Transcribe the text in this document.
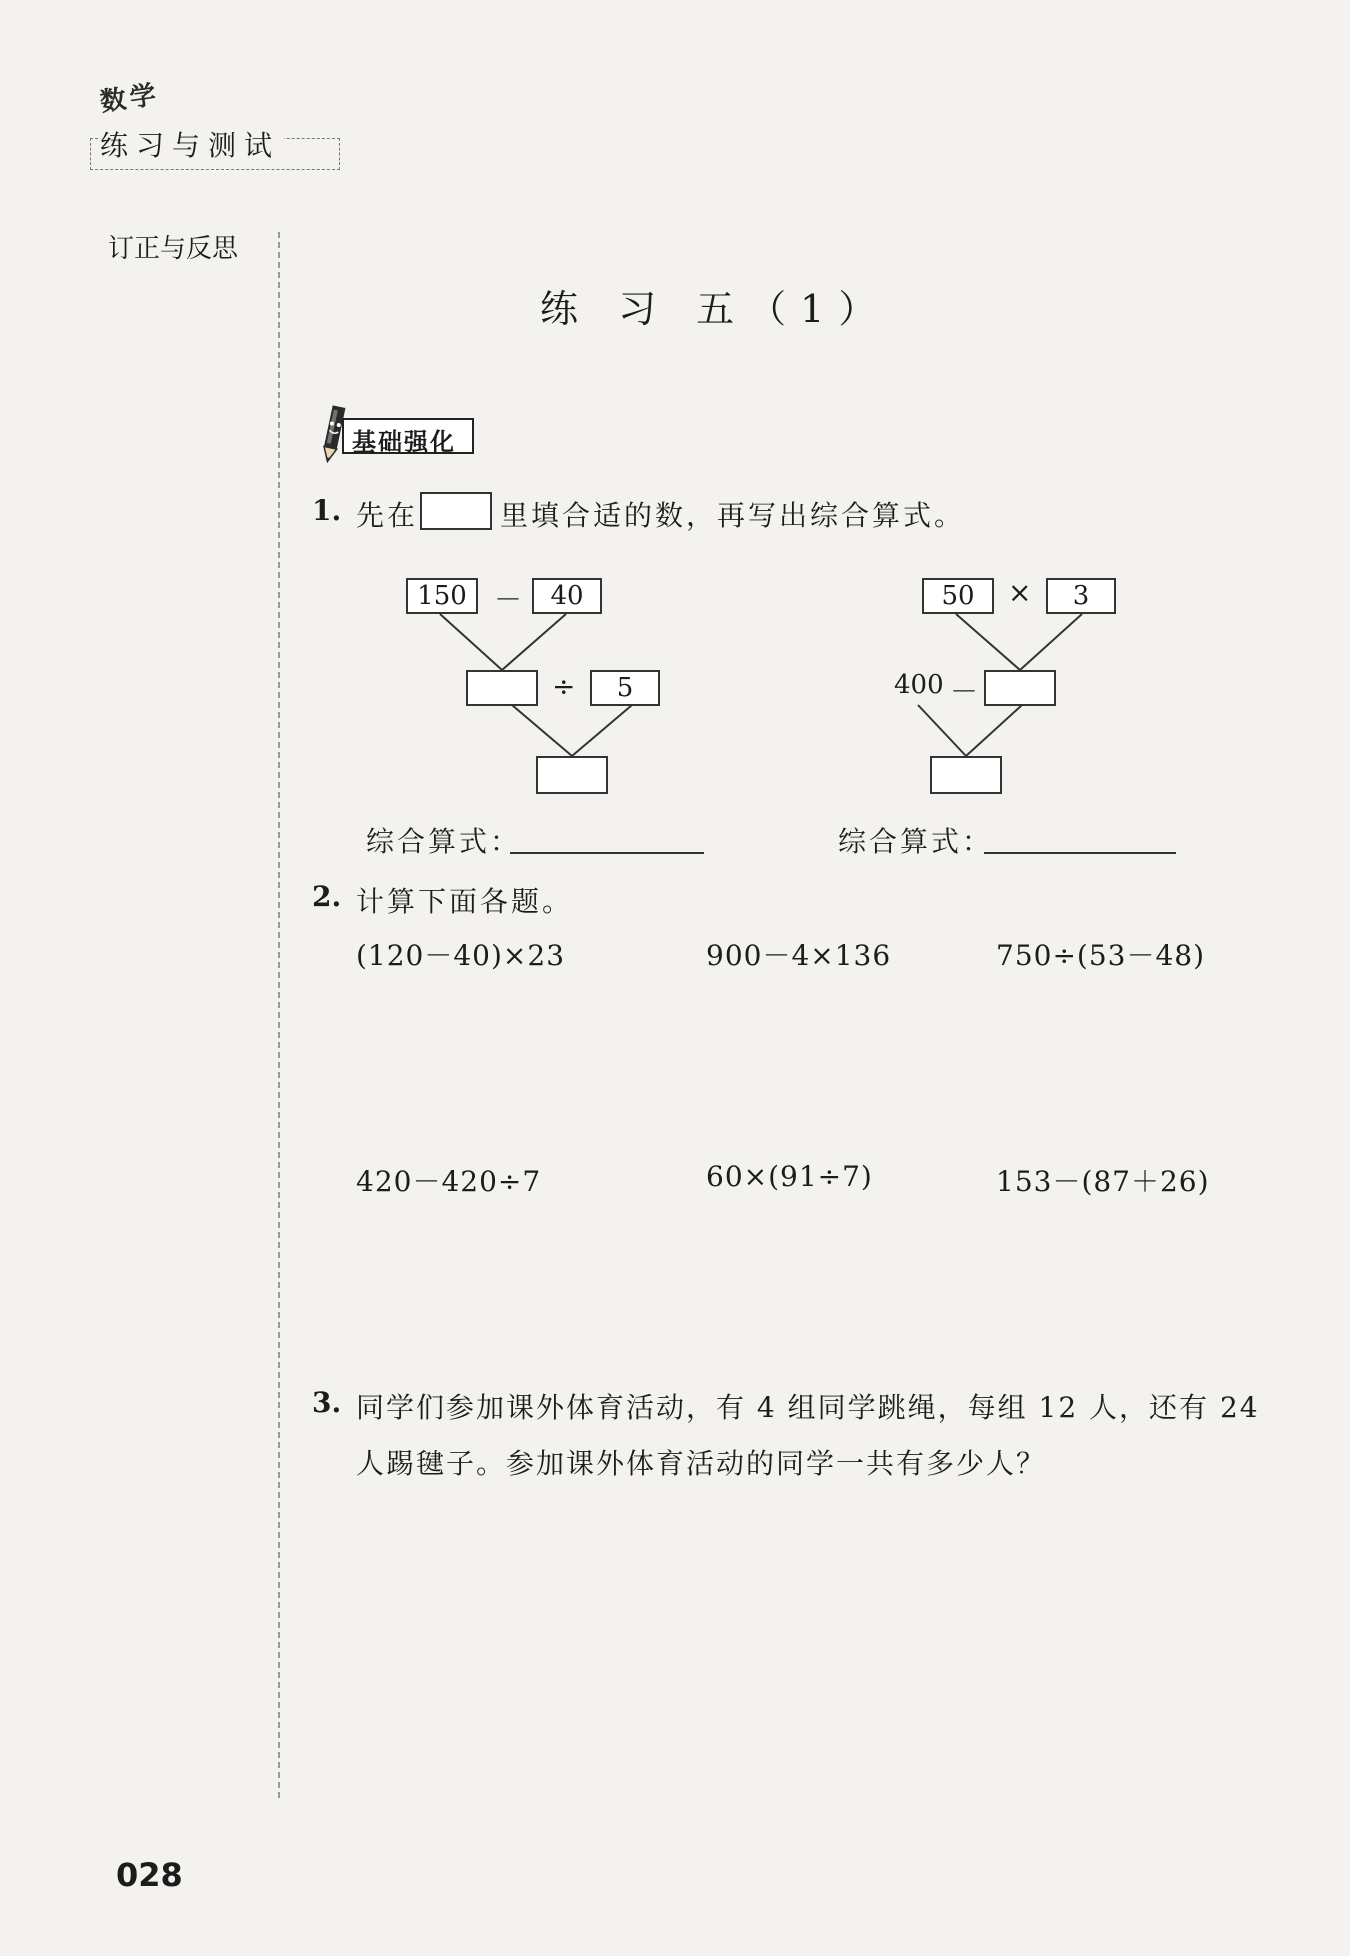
数学
练习与测试
订正与反思
练 习 五（1）
基础强化
1. 先在	里填合适的数，再写出综合算式。
150 －	40
÷	5
综合算式：
50	×	3
400 －
综合算式：
2. 计算下面各题。
(120－40)×23	900－4×136	750÷(53－48)
420－420÷7	60×(91÷7)	153－(87＋26)
3. 同学们参加课外体育活动，有 4 组同学跳绳，每组 12 人，还有 24
人踢毽子。参加课外体育活动的同学一共有多少人？
028
